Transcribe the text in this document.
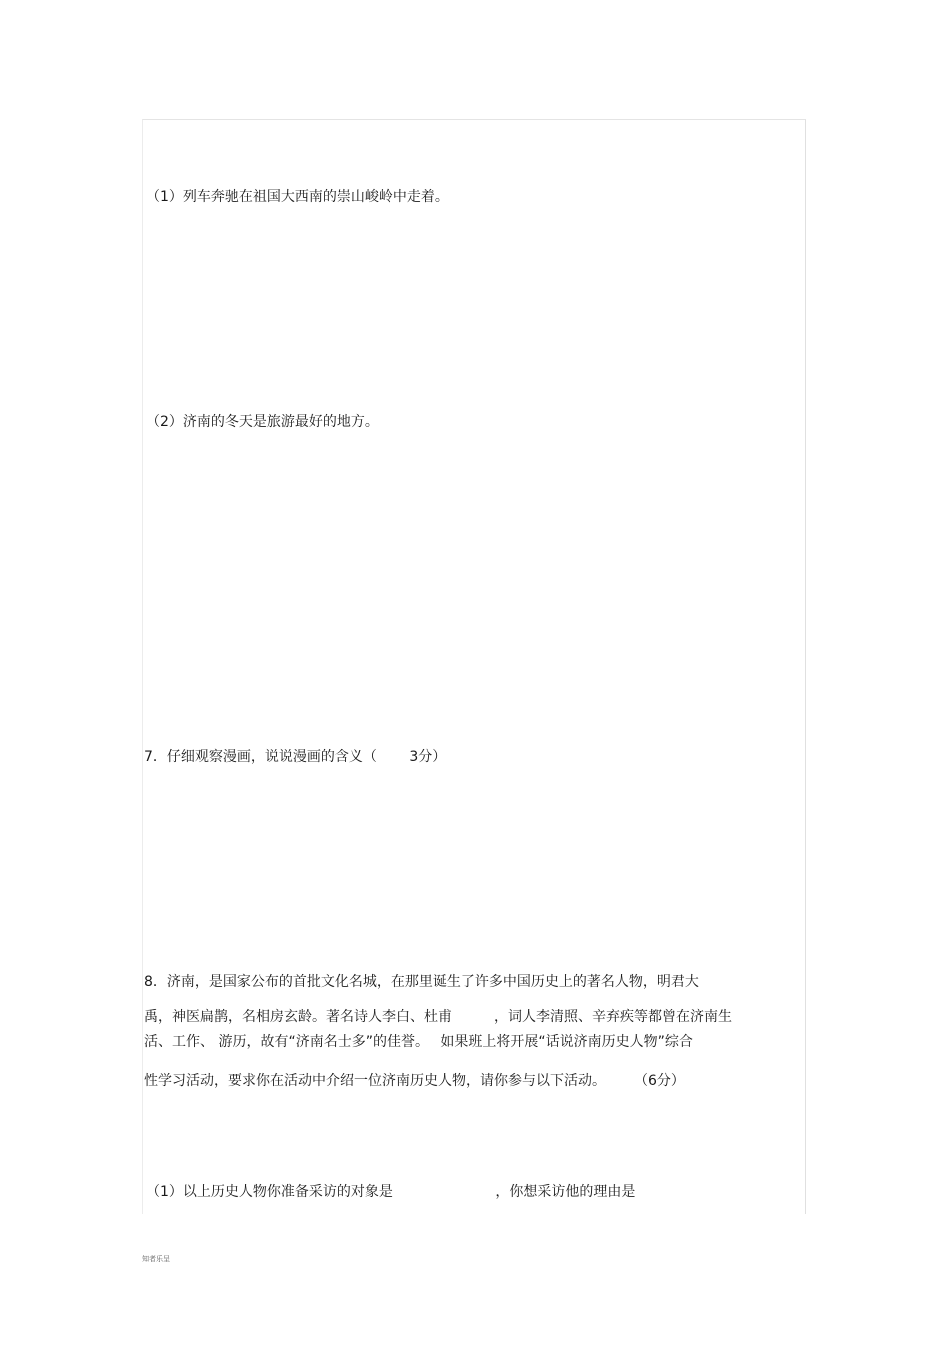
（1）列车奔驰在祖国大西南的崇山峻岭中走着。
（2）济南的冬天是旅游最好的地方。
7．仔细观察漫画，说说漫画的含义（　　 3分）
8．济南，是国家公布的首批文化名城，在那里诞生了许多中国历史上的著名人物，明君大
禹，神医扁鹊，名相房玄龄。著名诗人李白、杜甫　　　，词人李清照、辛弃疾等都曾在济南生
活、工作、 游历，故有“济南名士多”的佳誉。　 如果班上将开展“话说济南历史人物”综合
性学习活动，要求你在活动中介绍一位济南历史人物，请你参与以下活动。　　　（6分）
（1）以上历史人物你准备采访的对象是　　　　　　　 ，你想采访他的理由是
知者乐呈
